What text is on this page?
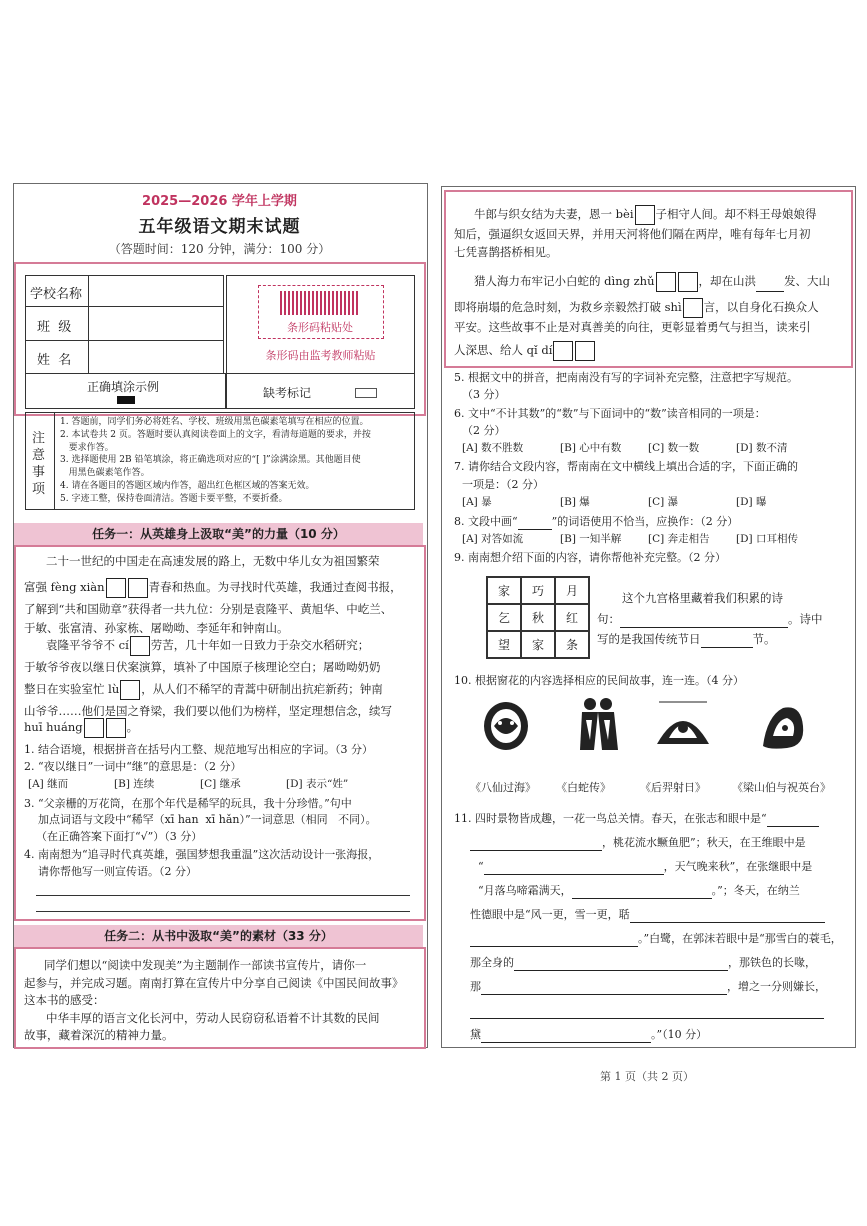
2025—2026 学年上学期
五年级语文期末试题
（答题时间：120 分钟，满分：100 分）
学校名称
班  级
姓  名
条形码粘贴处
条形码由监考教师粘贴
正确填涂示例	缺考标记
注意事项
1. 答题前，同学们务必将姓名、学校、班级用黑色碳素笔填写在相应的位置。
2. 本试卷共 2 页。答题时要认真阅读卷面上的文字，看清每道题的要求，并按
要求作答。
3. 选择题使用 2B 铅笔填涂，将正确选项对应的“[ ]”涂满涂黑。其他题目使
用黑色碳素笔作答。
4. 请在各题目的答题区域内作答，超出红色框区域的答案无效。
5. 字迹工整，保持卷面清洁。答题卡要平整，不要折叠。
任务一：从英雄身上汲取“美”的力量（10 分）
二十一世纪的中国走在高速发展的路上，无数中华儿女为祖国繁荣
富强 fèng xiàn	青春和热血。为寻找时代英雄，我通过查阅书报，
了解到“共和国勋章”获得者一共九位：分别是袁隆平、黄旭华、中屹兰、
于敏、张富清、孙家栋、屠呦呦、李延年和钟南山。
袁隆平爷爷不 cí 劳苦，几十年如一日致力于杂交水稻研究；
于敏爷爷夜以继日伏案演算，填补了中国原子核理论空白；屠呦呦奶奶
整日在实验室忙 lù ，从人们不稀罕的青蒿中研制出抗疟新药；钟南
山爷爷……他们是国之脊梁，我们要以他们为榜样，坚定理想信念，续写
huī huáng	。
1. 结合语境，根据拼音在括号内工整、规范地写出相应的字词。（3 分）
2. “夜以继日”一词中“继”的意思是：（2 分）
[A] 继而	[B] 连续	[C] 继承	[D] 表示“姓”
3. “父亲栅的万花筒，在那个年代是稀罕的玩具，我十分珍惜。”句中
加点词语与文段中“稀罕（xī han  xī hǎn）”一词意思（相同   不同）。
（在正确答案下面打“√”）（3 分）
4. 南南想为“追寻时代真英雄，强国梦想我重温”这次活动设计一张海报，
请你帮他写一则宣传语。（2 分）
任务二：从书中汲取“美”的素材（33 分）
同学们想以“阅读中发现美”为主题制作一部读书宣传片，请你一
起参与，并完成习题。南南打算在宣传片中分享自己阅读《中国民间故事》
这本书的感受：
中华丰厚的语言文化长河中，劳动人民窃窃私语着不计其数的民间
故事，藏着深沉的精神力量。
牛郎与织女结为夫妻，恩一 bèi 子相守人间。却不料王母娘娘得
知后，强逼织女返回天界，并用天河将他们隔在两岸，唯有每年七月初
七凭喜鹊搭桥相见。
猎人海力布牢记小白蛇的 dìng zhǔ	，却在山洪 发、大山
即将崩塌的危急时刻，为救乡亲毅然打破 shì 言，以自身化石换众人
平安。这些故事不止是对真善美的向往，更彰显着勇气与担当，读来引
人深思、给人 qǐ dí
5. 根据文中的拼音，把南南没有写的字词补充完整，注意把字写规范。
（3 分）
6. 文中“不计其数”的“数”与下面词中的“数”读音相同的一项是：
（2 分）
[A] 数不胜数	[B] 心中有数	[C] 数一数	[D] 数不清
7. 请你结合文段内容，帮南南在文中横线上填出合适的字，下面正确的
一项是：（2 分）
[A] 暴	[B] 爆	[C] 瀑	[D] 曝
8. 文段中画“	”的词语使用不恰当，应换作：（2 分）
[A] 对答如流	[B] 一知半解	[C] 奔走相告	[D] 口耳相传
9. 南南想介绍下面的内容，请你帮他补充完整。（2 分）
家	巧	月
乞	秋	红
望	家	条
这个九宫格里藏着我们积累的诗
句：	。诗中
写的是我国传统节日	节。
10. 根据窗花的内容选择相应的民间故事，连一连。（4 分）
《八仙过海》 《白蛇传》	《后羿射日》 《梁山伯与祝英台》
11. 四时景物皆成趣，一花一鸟总关情。春天，在张志和眼中是“
，桃花流水鳜鱼肥”；秋天，在王维眼中是
“	，天气晚来秋”，在张继眼中是
“月落乌啼霜满天，	。”；冬天，在纳兰
性德眼中是“风一更，雪一更，聒
。”白鹭，在郭沫若眼中是“那雪白的蓑毛，
那全身的	，那铁色的长喙，
那	，增之一分则嫌长，
黛	。”（10 分）
第 1 页（共 2 页）
